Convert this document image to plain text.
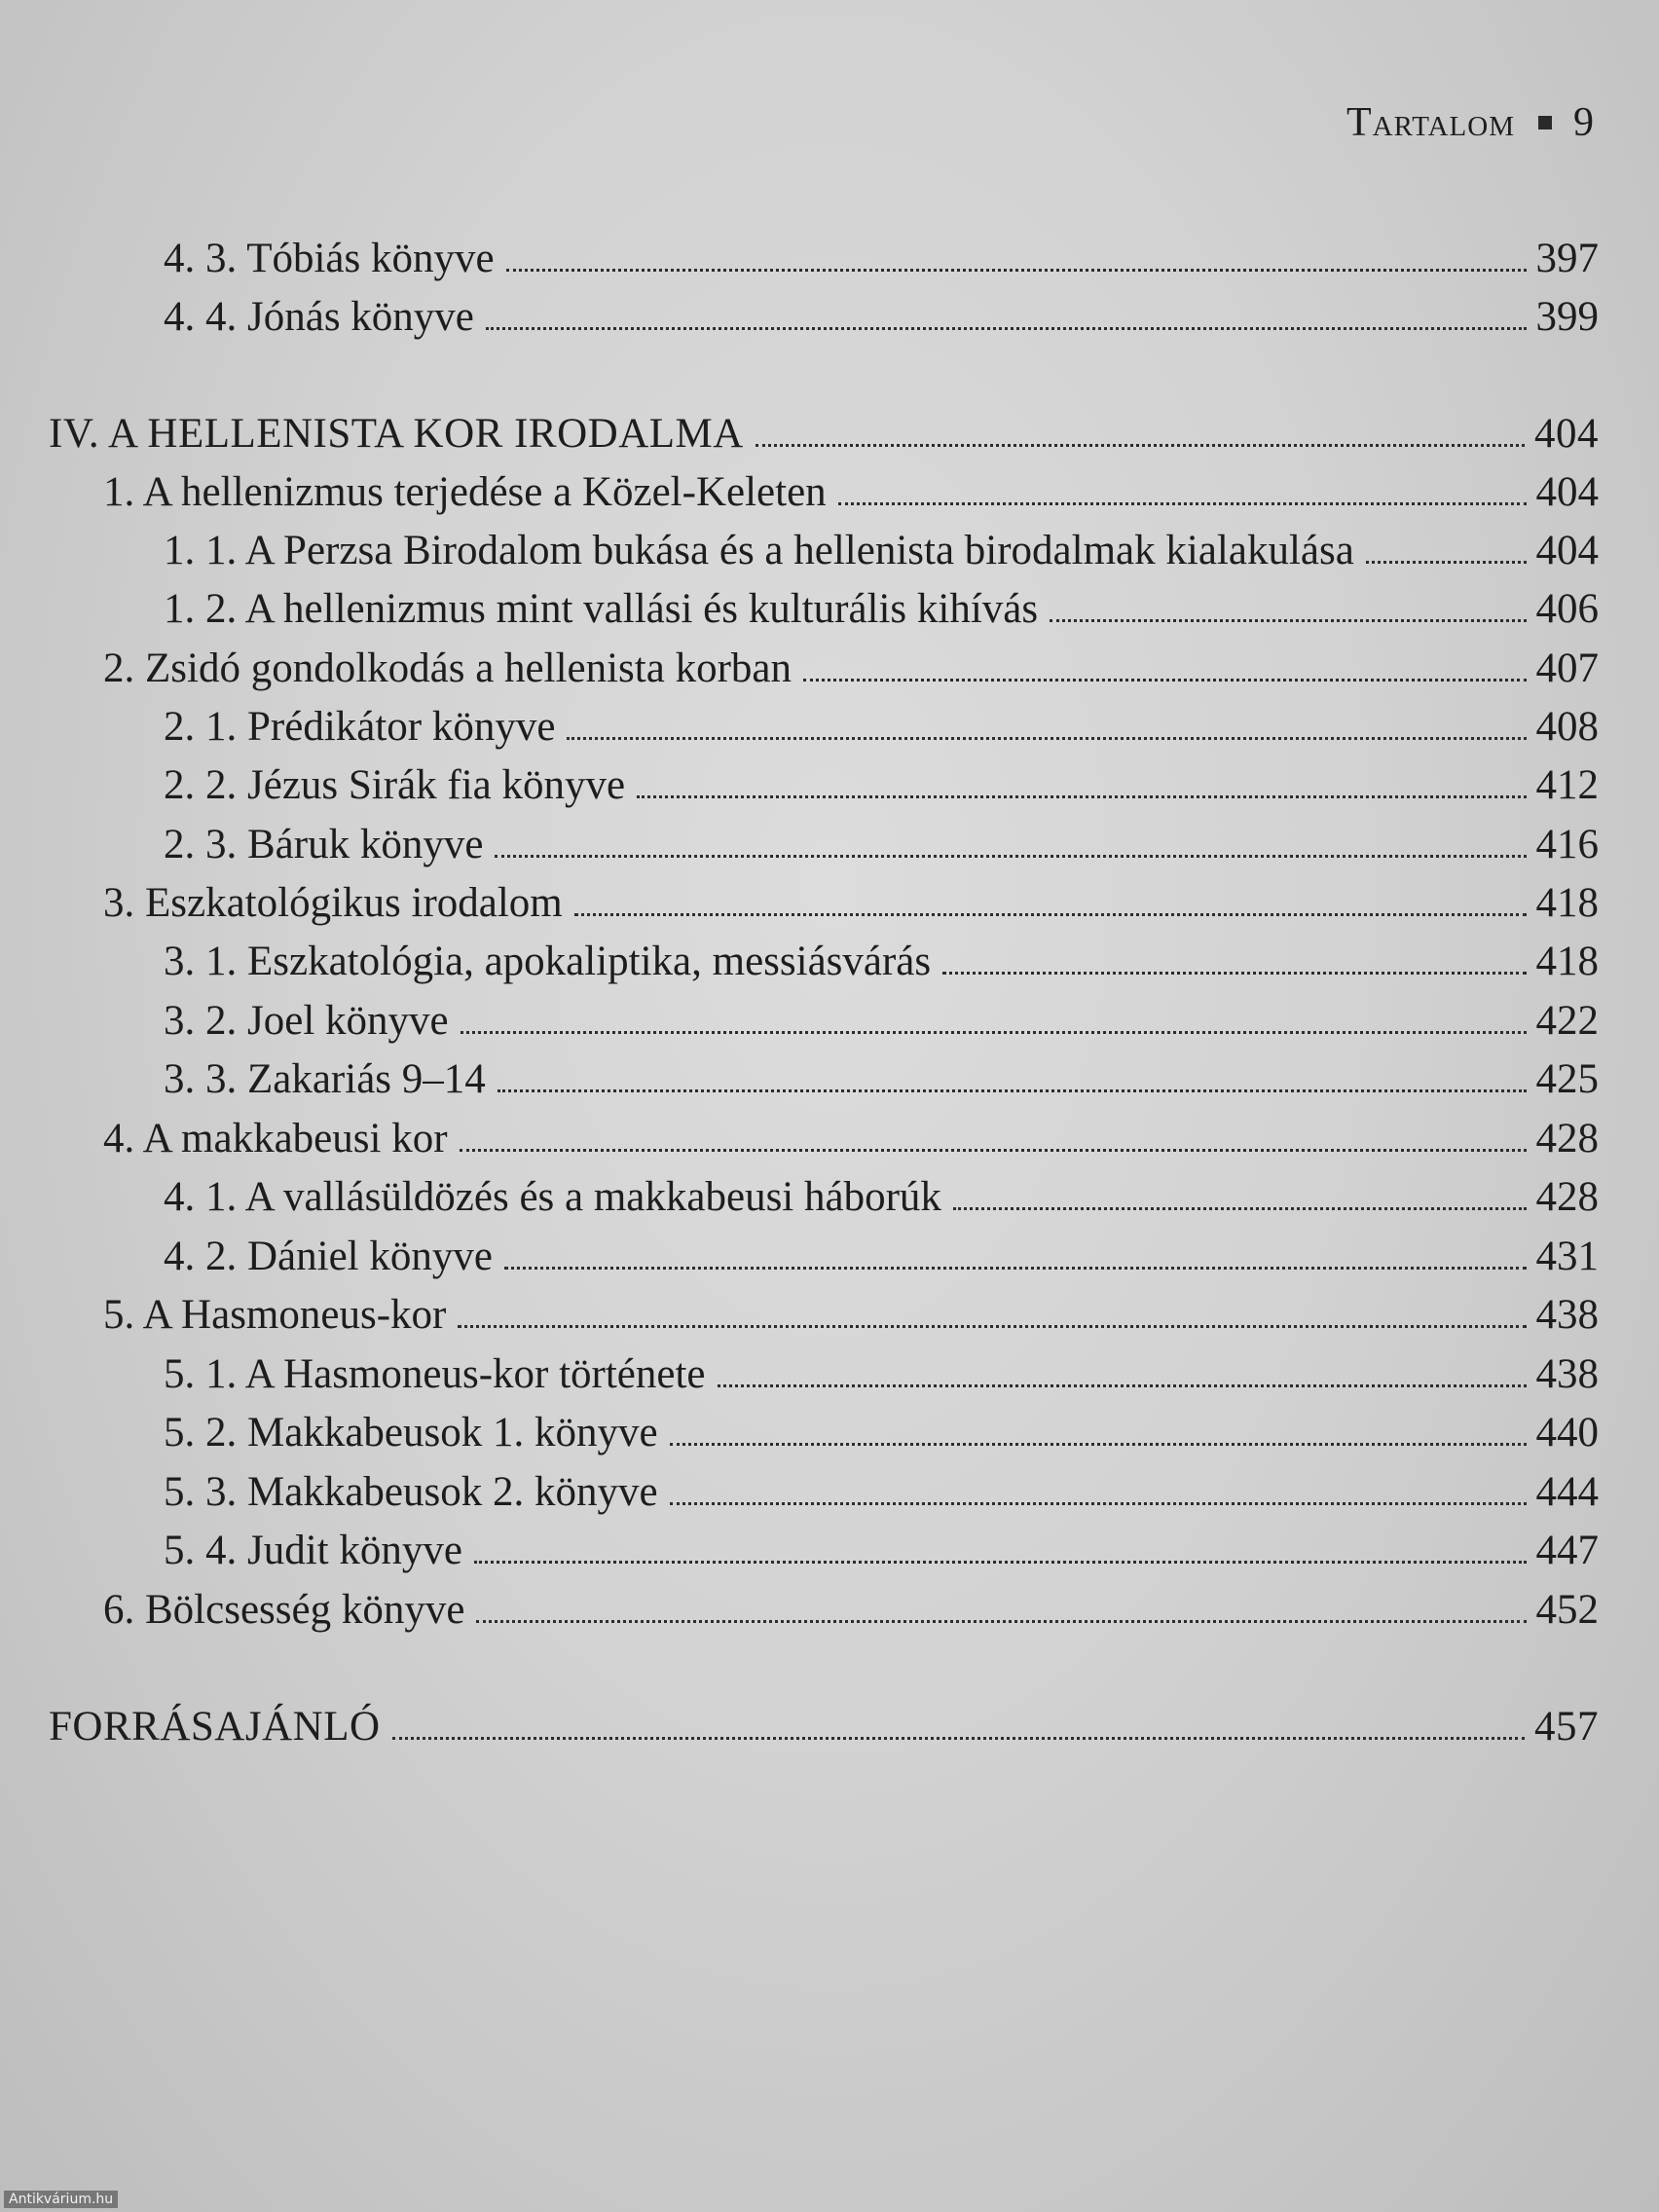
Tartalom 9
4. 3. Tóbiás könyve	397
4. 4. Jónás könyve	399
IV. A HELLENISTA KOR IRODALMA	404
1. A hellenizmus terjedése a Közel-Keleten	404
1. 1. A Perzsa Birodalom bukása és a hellenista birodalmak kialakulása	404
1. 2. A hellenizmus mint vallási és kulturális kihívás	406
2. Zsidó gondolkodás a hellenista korban	407
2. 1. Prédikátor könyve	408
2. 2. Jézus Sirák fia könyve	412
2. 3. Báruk könyve	416
3. Eszkatológikus irodalom	418
3. 1. Eszkatológia, apokaliptika, messiásvárás	418
3. 2. Joel könyve	422
3. 3. Zakariás 9–14	425
4. A makkabeusi kor	428
4. 1. A vallásüldözés és a makkabeusi háborúk	428
4. 2. Dániel könyve	431
5. A Hasmoneus-kor	438
5. 1. A Hasmoneus-kor története	438
5. 2. Makkabeusok 1. könyve	440
5. 3. Makkabeusok 2. könyve	444
5. 4. Judit könyve	447
6. Bölcsesség könyve	452
FORRÁSAJÁNLÓ	457
Antikvárium.hu
